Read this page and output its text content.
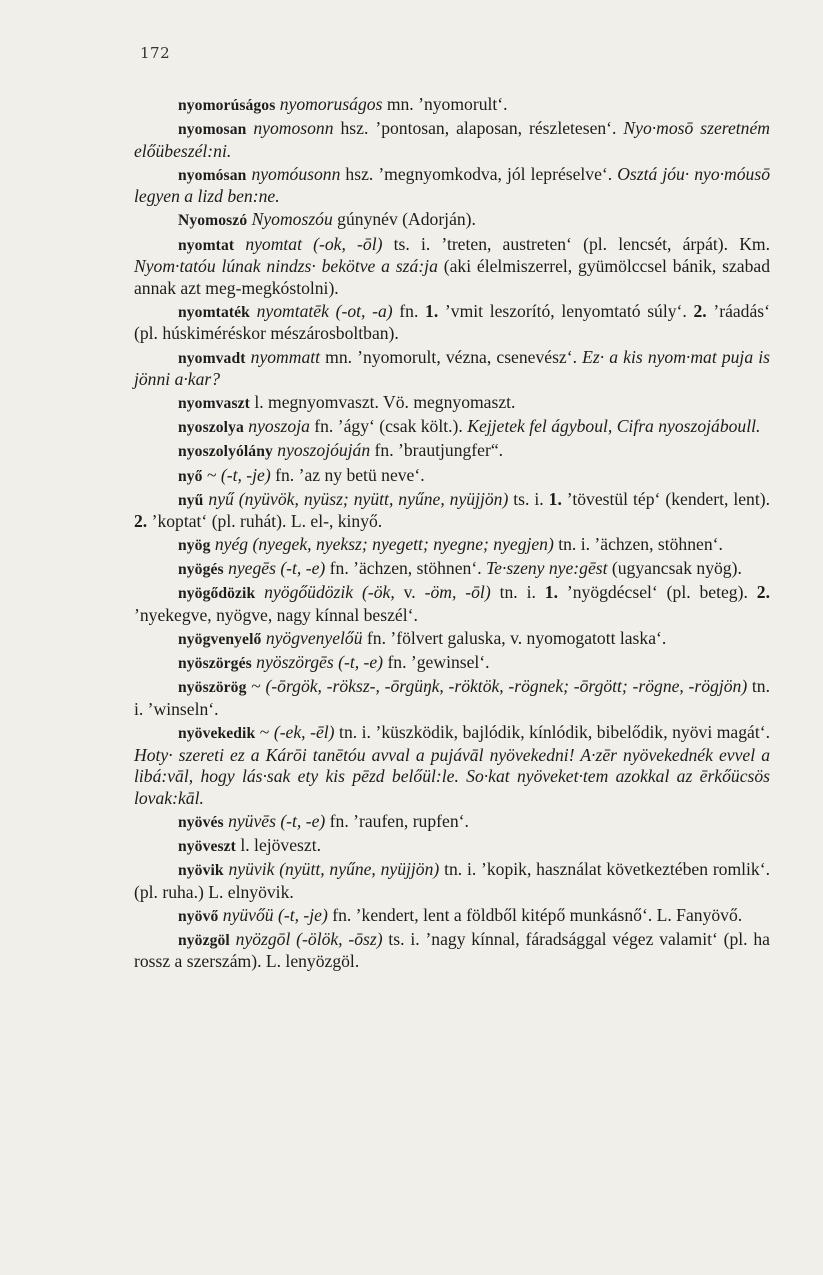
172

nyomorúságos nyomoruságos mn. ’nyomorult‘.

nyomosan nyomosonn hsz. ’pontosan, alaposan, részletesen‘. Nyo·mosō szeretném előübeszél:ni.

nyomósan nyomóusonn hsz. ’megnyomkodva, jól lepréselve‘. Osztá jóu· nyo·móusō legyen a lizd ben:ne.

Nyomoszó Nyomoszóu gúnynév (Adorján).

nyomtat nyomtat (-ok, -ōl) ts. i. ’treten, austreten‘ (pl. lencsét, árpát). Km. Nyom·tatóu lúnak nindzs· bekötve a szá:ja (aki élelmiszerrel, gyümölccsel bánik, szabad annak azt meg-megkóstolni).

nyomtaték nyomtatēk (-ot, -a) fn. 1. ’vmit leszorító, lenyomtató súly‘. 2. ’ráadás‘ (pl. húskiméréskor mészárosboltban).

nyomvadt nyommatt mn. ’nyomorult, vézna, csenevész‘. Ez· a kis nyom·mat puja is jönni a·kar?

nyomvaszt l. megnyomvaszt. Vö. megnyomaszt.

nyoszolya nyoszoja fn. ’ágy‘ (csak költ.). Kejjetek fel ágyboul, Cifra nyoszojáboull.

nyoszolyólány nyoszojóuján fn. ’brautjungfer“.

nyő ~ (-t, -je) fn. ’az ny betü neve‘.

nyű nyű (nyüvök, nyüsz; nyütt, nyűne, nyüjjön) ts. i. 1. ’tövestül tép‘ (kendert, lent). 2. ’koptat‘ (pl. ruhát). L. el-, kinyő.

nyög nyég (nyegek, nyeksz; nyegett; nyegne; nyegjen) tn. i. ’ächzen, stöhnen‘.

nyögés nyegēs (-t, -e) fn. ’ächzen, stöhnen‘. Te·szeny nye:gēst (ugyancsak nyög).

nyögődözik nyögőüdözik (-ök, v. -öm, -ōl) tn. i. 1. ’nyögdécsel‘ (pl. beteg). 2. ’nyekegve, nyögve, nagy kínnal beszél‘.

nyögvenyelő nyögvenyelőü fn. ’fölvert galuska, v. nyomogatott laska‘.

nyöszörgés nyöszörgēs (-t, -e) fn. ’gewinsel‘.

nyöszörög ~ (-ōrgök, -röksz-, -ōrgüŋk, -röktök, -rögnek; -ōrgött; -rögne, -rögjön) tn. i. ’winseln‘.

nyövekedik ~ (-ek, -ēl) tn. i. ’küszködik, bajlódik, kínlódik, bibelődik, nyövi magát‘. Hoty· szereti ez a Kárōi tanētóu avval a pujávāl nyövekedni! A·zēr nyövekednék evvel a libá:vāl, hogy lás·sak ety kis pēzd belőül:le. So·kat nyöveket·tem azokkal az ērkőücsös lovak:kāl.

nyövés nyüvēs (-t, -e) fn. ’raufen, rupfen‘.

nyöveszt l. lejöveszt.

nyövik nyüvik (nyütt, nyűne, nyüjjön) tn. i. ’kopik, használat következtében romlik‘. (pl. ruha.) L. elnyövik.

nyövő nyüvőü (-t, -je) fn. ’kendert, lent a földből kitépő munkásnő‘. L. Fanyövő.

nyözgöl nyözgōl (-ölök, -ōsz) ts. i. ’nagy kínnal, fáradsággal végez valamit‘ (pl. ha rossz a szerszám). L. lenyözgöl.
